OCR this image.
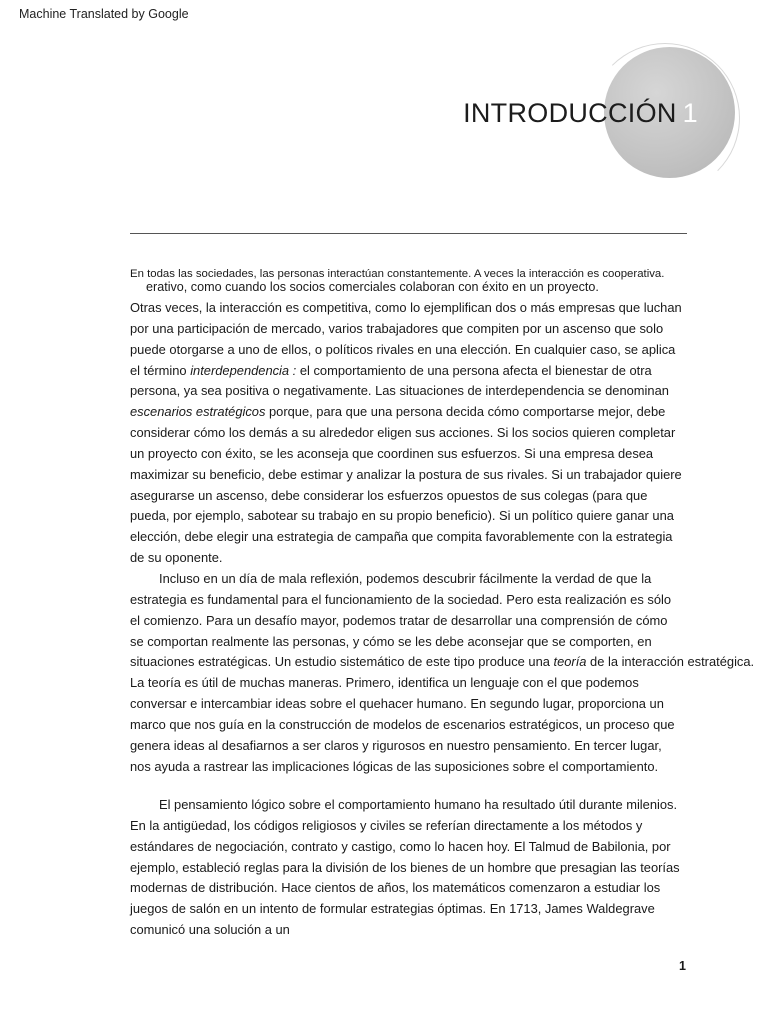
Machine Translated by Google
INTRODUCCIÓN 1
En todas las sociedades, las personas interactúan constantemente. A veces la interacción es cooperativa.
erativo, como cuando los socios comerciales colaboran con éxito en un proyecto.
Otras veces, la interacción es competitiva, como lo ejemplifican dos o más empresas que luchan
por una participación de mercado, varios trabajadores que compiten por un ascenso que solo
puede otorgarse a uno de ellos, o políticos rivales en una elección. En cualquier caso, se aplica
el término interdependencia : el comportamiento de una persona afecta el bienestar de otra
persona, ya sea positiva o negativamente. Las situaciones de interdependencia se denominan
escenarios estratégicos porque, para que una persona decida cómo comportarse mejor, debe
considerar cómo los demás a su alrededor eligen sus acciones. Si los socios quieren completar
un proyecto con éxito, se les aconseja que coordinen sus esfuerzos. Si una empresa desea
maximizar su beneficio, debe estimar y analizar la postura de sus rivales. Si un trabajador quiere
asegurarse un ascenso, debe considerar los esfuerzos opuestos de sus colegas (para que
pueda, por ejemplo, sabotear su trabajo en su propio beneficio). Si un político quiere ganar una
elección, debe elegir una estrategia de campaña que compita favorablemente con la estrategia
de su oponente.
Incluso en un día de mala reflexión, podemos descubrir fácilmente la verdad de que la
estrategia es fundamental para el funcionamiento de la sociedad. Pero esta realización es sólo
el comienzo. Para un desafío mayor, podemos tratar de desarrollar una comprensión de cómo
se comportan realmente las personas, y cómo se les debe aconsejar que se comporten, en
situaciones estratégicas. Un estudio sistemático de este tipo produce una teoría de la interacción estratégica.
La teoría es útil de muchas maneras. Primero, identifica un lenguaje con el que podemos
conversar e intercambiar ideas sobre el quehacer humano. En segundo lugar, proporciona un
marco que nos guía en la construcción de modelos de escenarios estratégicos, un proceso que
genera ideas al desafiarnos a ser claros y rigurosos en nuestro pensamiento. En tercer lugar,
nos ayuda a rastrear las implicaciones lógicas de las suposiciones sobre el comportamiento.
El pensamiento lógico sobre el comportamiento humano ha resultado útil durante milenios.
En la antigüedad, los códigos religiosos y civiles se referían directamente a los métodos y
estándares de negociación, contrato y castigo, como lo hacen hoy. El Talmud de Babilonia, por
ejemplo, estableció reglas para la división de los bienes de un hombre que presagian las teorías
modernas de distribución. Hace cientos de años, los matemáticos comenzaron a estudiar los
juegos de salón en un intento de formular estrategias óptimas. En 1713, James Waldegrave
comunicó una solución a un
1
